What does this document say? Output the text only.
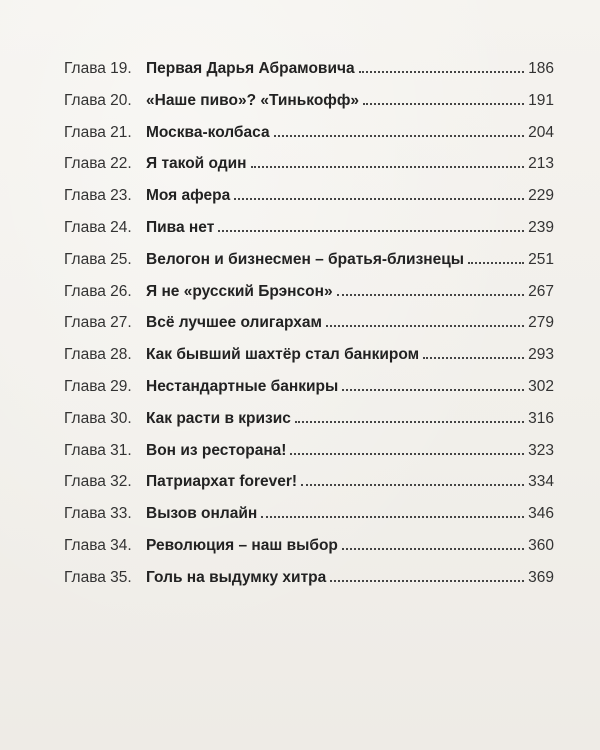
Глава 19. Первая Дарья Абрамовича	186
Глава 20. «Наше пиво»? «Тинькофф»	191
Глава 21. Москва-колбаса	204
Глава 22. Я такой один	213
Глава 23. Моя афера	229
Глава 24. Пива нет	239
Глава 25. Велогон и бизнесмен – братья-близнецы	251
Глава 26. Я не «русский Брэнсон»	267
Глава 27. Всё лучшее олигархам	279
Глава 28. Как бывший шахтёр стал банкиром	293
Глава 29. Нестандартные банкиры	302
Глава 30. Как расти в кризис	316
Глава 31. Вон из ресторана!	323
Глава 32. Патриархат forever!	334
Глава 33. Вызов онлайн	346
Глава 34. Революция – наш выбор	360
Глава 35. Голь на выдумку хитра	369
